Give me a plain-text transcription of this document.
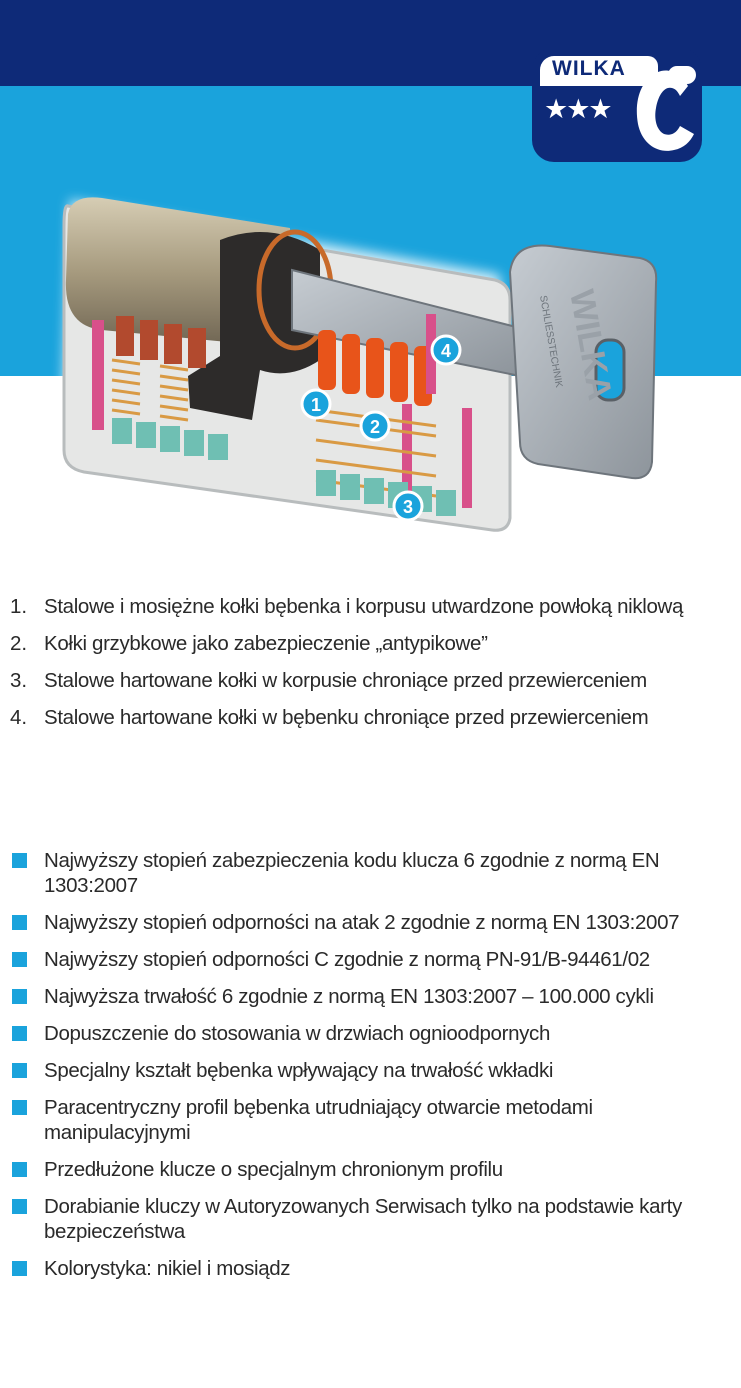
WILKA
★★★
WILKA
SCHLIESSTECHNIK
1
2
3
4
1. Stalowe i mosiężne kołki bębenka i korpusu utwardzone powłoką niklową
2. Kołki grzybkowe jako zabezpieczenie „antypikowe”
3. Stalowe hartowane kołki w korpusie chroniące przed przewierceniem
4. Stalowe hartowane kołki w bębenku chroniące przed przewierceniem
Najwyższy stopień zabezpieczenia kodu klucza 6 zgodnie z normą EN 1303:2007
Najwyższy stopień odporności na atak 2 zgodnie z normą EN 1303:2007
Najwyższy stopień odporności C zgodnie z normą PN-91/B-94461/02
Najwyższa trwałość 6 zgodnie z normą EN 1303:2007 – 100.000 cykli
Dopuszczenie do stosowania w drzwiach ognioodpornych
Specjalny kształt bębenka wpływający na trwałość wkładki
Paracentryczny profil bębenka utrudniający otwarcie metodami manipulacyjnymi
Przedłużone klucze o specjalnym chronionym profilu
Dorabianie kluczy w Autoryzowanych Serwisach tylko na podstawie karty bezpieczeństwa
Kolorystyka: nikiel i mosiądz
